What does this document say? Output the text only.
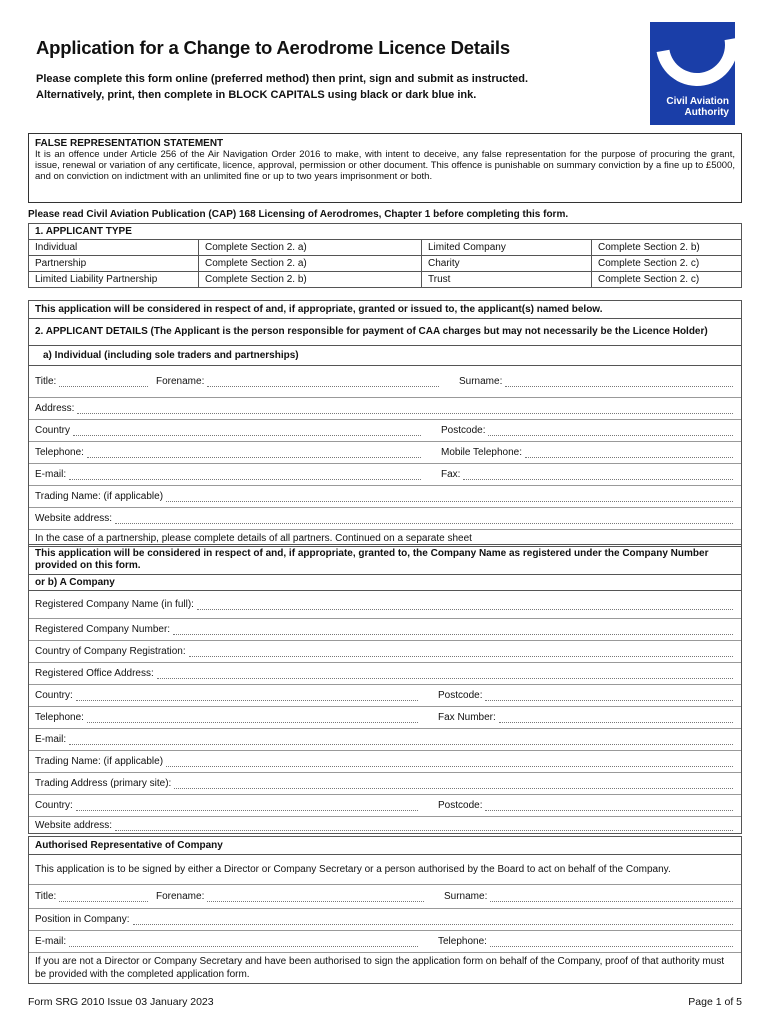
Application for a Change to Aerodrome Licence Details
Please complete this form online (preferred method) then print, sign and submit as instructed.
Alternatively, print, then complete in BLOCK CAPITALS using black or dark blue ink.
Civil Aviation
Authority
FALSE REPRESENTATION STATEMENT
It is an offence under Article 256 of the Air Navigation Order 2016 to make, with intent to deceive, any false representation for the purpose of procuring the grant, issue, renewal or variation of any certificate, licence, approval, permission or other document. This offence is punishable on summary conviction by a fine up to £5000, and on conviction on indictment with an unlimited fine or up to two years imprisonment or both.
Please read Civil Aviation Publication (CAP) 168 Licensing of Aerodromes, Chapter 1 before completing this form.
1. APPLICANT TYPE			
Individual	Complete Section 2. a)	Limited Company	Complete Section 2. b)
Partnership	Complete Section 2. a)	Charity	Complete Section 2. c)
Limited Liability Partnership	Complete Section 2. b)	Trust	Complete Section 2. c)
This application will be considered in respect of and, if appropriate, granted or issued to, the applicant(s) named below.
2. APPLICANT DETAILS (The Applicant is the person responsible for payment of CAA charges but may not necessarily be the Licence Holder)
a) Individual (including sole traders and partnerships)
Title:	Forename:	Surname:
Address:
Country	Postcode:
Telephone:	Mobile Telephone:
E-mail:	Fax:
Trading Name: (if applicable)
Website address:
In the case of a partnership, please complete details of all partners. Continued on a separate sheet
This application will be considered in respect of and, if appropriate, granted to, the Company Name as registered under the Company Number provided on this form.
or b) A Company
Registered Company Name (in full):
Registered Company Number:
Country of Company Registration:
Registered Office Address:
Country:	Postcode:
Telephone:	Fax Number:
E-mail:
Trading Name: (if applicable)
Trading Address (primary site):
Country:	Postcode:
Website address:
Authorised Representative of Company
This application is to be signed by either a Director or Company Secretary or a person authorised by the Board to act on behalf of the Company.
Title:	Forename:	Surname:
Position in Company:
E-mail:	Telephone:
If you are not a Director or Company Secretary and have been authorised to sign the application form on behalf of the Company, proof of that authority must be provided with the completed application form.
Form SRG 2010 Issue 03 January 2023	Page 1 of 5
